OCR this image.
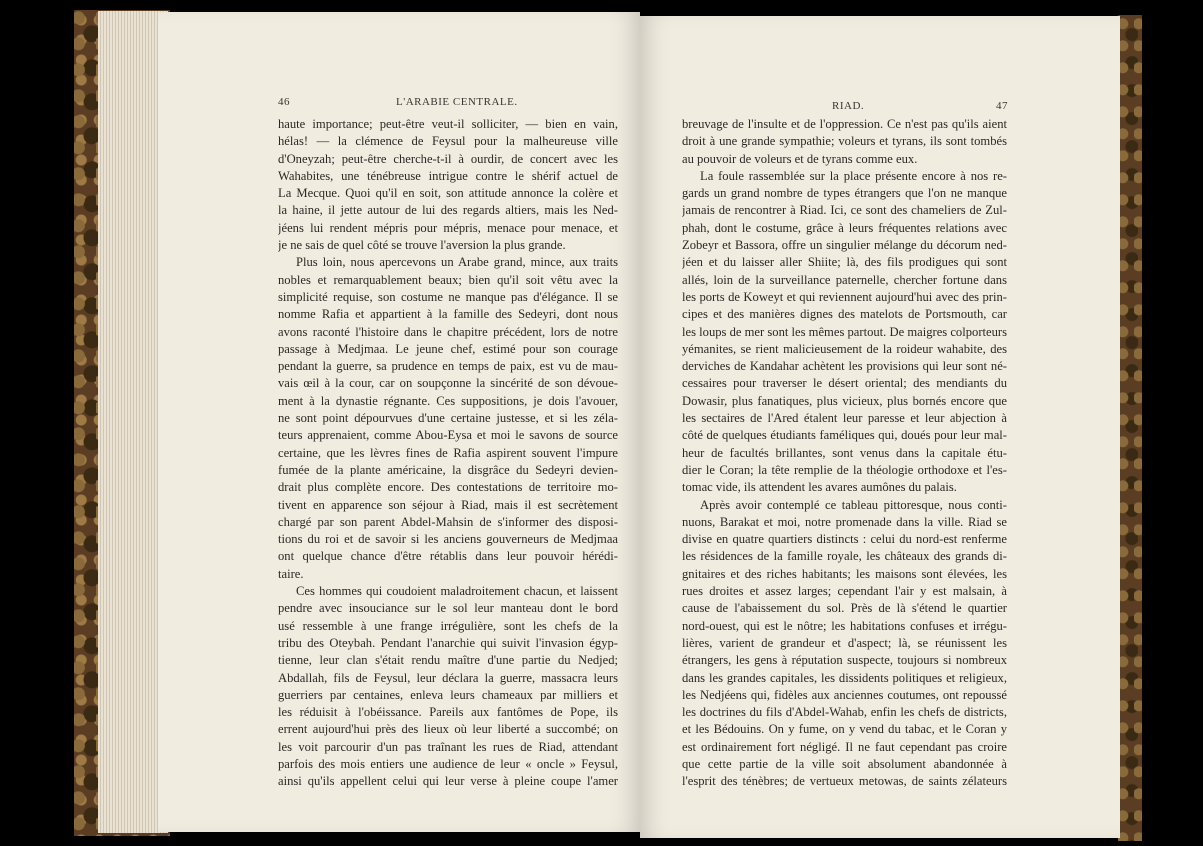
46	L'ARABIE CENTRALE.
haute importance; peut-être veut-il solliciter, — bien en vain,
hélas! — la clémence de Feysul pour la malheureuse ville
d'Oneyzah; peut-être cherche-t-il à ourdir, de concert avec les
Wahabites, une ténébreuse intrigue contre le shérif actuel de
La Mecque. Quoi qu'il en soit, son attitude annonce la colère et
la haine, il jette autour de lui des regards altiers, mais les Ned-
jéens lui rendent mépris pour mépris, menace pour menace, et
je ne sais de quel côté se trouve l'aversion la plus grande.
Plus loin, nous apercevons un Arabe grand, mince, aux traits
nobles et remarquablement beaux; bien qu'il soit vêtu avec la
simplicité requise, son costume ne manque pas d'élégance. Il se
nomme Rafia et appartient à la famille des Sedeyri, dont nous
avons raconté l'histoire dans le chapitre précédent, lors de notre
passage à Medjmaa. Le jeune chef, estimé pour son courage
pendant la guerre, sa prudence en temps de paix, est vu de mau-
vais œil à la cour, car on soupçonne la sincérité de son dévoue-
ment à la dynastie régnante. Ces suppositions, je dois l'avouer,
ne sont point dépourvues d'une certaine justesse, et si les zéla-
teurs apprenaient, comme Abou-Eysa et moi le savons de source
certaine, que les lèvres fines de Rafia aspirent souvent l'impure
fumée de la plante américaine, la disgrâce du Sedeyri devien-
drait plus complète encore. Des contestations de territoire mo-
tivent en apparence son séjour à Riad, mais il est secrètement
chargé par son parent Abdel-Mahsin de s'informer des disposi-
tions du roi et de savoir si les anciens gouverneurs de Medjmaa
ont quelque chance d'être rétablis dans leur pouvoir hérédi-
taire.
Ces hommes qui coudoient maladroitement chacun, et laissent
pendre avec insouciance sur le sol leur manteau dont le bord
usé ressemble à une frange irrégulière, sont les chefs de la
tribu des Oteybah. Pendant l'anarchie qui suivit l'invasion égyp-
tienne, leur clan s'était rendu maître d'une partie du Nedjed;
Abdallah, fils de Feysul, leur déclara la guerre, massacra leurs
guerriers par centaines, enleva leurs chameaux par milliers et
les réduisit à l'obéissance. Pareils aux fantômes de Pope, ils
errent aujourd'hui près des lieux où leur liberté a succombé; on
les voit parcourir d'un pas traînant les rues de Riad, attendant
parfois des mois entiers une audience de leur « oncle » Feysul,
ainsi qu'ils appellent celui qui leur verse à pleine coupe l'amer
RIAD.	47
breuvage de l'insulte et de l'oppression. Ce n'est pas qu'ils aient
droit à une grande sympathie; voleurs et tyrans, ils sont tombés
au pouvoir de voleurs et de tyrans comme eux.
La foule rassemblée sur la place présente encore à nos re-
gards un grand nombre de types étrangers que l'on ne manque
jamais de rencontrer à Riad. Ici, ce sont des chameliers de Zul-
phah, dont le costume, grâce à leurs fréquentes relations avec
Zobeyr et Bassora, offre un singulier mélange du décorum ned-
jéen et du laisser aller Shiite; là, des fils prodigues qui sont
allés, loin de la surveillance paternelle, chercher fortune dans
les ports de Koweyt et qui reviennent aujourd'hui avec des prin-
cipes et des manières dignes des matelots de Portsmouth, car
les loups de mer sont les mêmes partout. De maigres colporteurs
yémanites, se rient malicieusement de la roideur wahabite, des
derviches de Kandahar achètent les provisions qui leur sont né-
cessaires pour traverser le désert oriental; des mendiants du
Dowasir, plus fanatiques, plus vicieux, plus bornés encore que
les sectaires de l'Ared étalent leur paresse et leur abjection à
côté de quelques étudiants faméliques qui, doués pour leur mal-
heur de facultés brillantes, sont venus dans la capitale étu-
dier le Coran; la tête remplie de la théologie orthodoxe et l'es-
tomac vide, ils attendent les avares aumônes du palais.
Après avoir contemplé ce tableau pittoresque, nous conti-
nuons, Barakat et moi, notre promenade dans la ville. Riad se
divise en quatre quartiers distincts : celui du nord-est renferme
les résidences de la famille royale, les châteaux des grands di-
gnitaires et des riches habitants; les maisons sont élevées, les
rues droites et assez larges; cependant l'air y est malsain, à
cause de l'abaissement du sol. Près de là s'étend le quartier
nord-ouest, qui est le nôtre; les habitations confuses et irrégu-
lières, varient de grandeur et d'aspect; là, se réunissent les
étrangers, les gens à réputation suspecte, toujours si nombreux
dans les grandes capitales, les dissidents politiques et religieux,
les Nedjéens qui, fidèles aux anciennes coutumes, ont repoussé
les doctrines du fils d'Abdel-Wahab, enfin les chefs de districts,
et les Bédouins. On y fume, on y vend du tabac, et le Coran y
est ordinairement fort négligé. Il ne faut cependant pas croire
que cette partie de la ville soit absolument abandonnée à
l'esprit des ténèbres; de vertueux metowas, de saints zélateurs
